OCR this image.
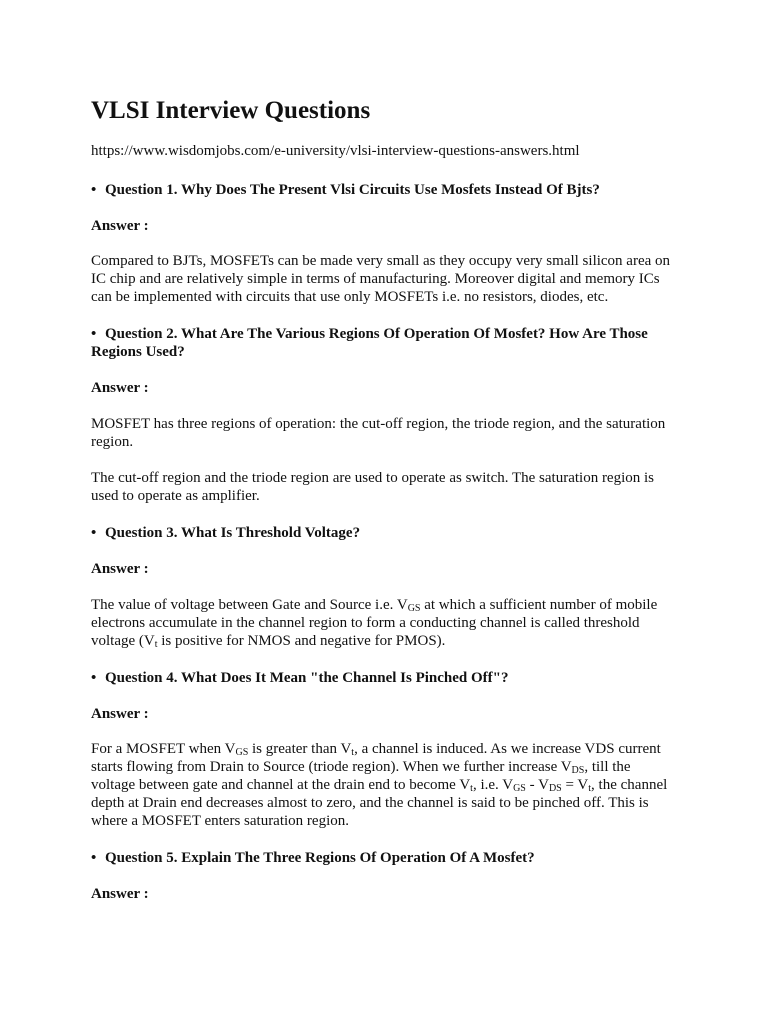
VLSI Interview Questions
https://www.wisdomjobs.com/e-university/vlsi-interview-questions-answers.html
• Question 1. Why Does The Present Vlsi Circuits Use Mosfets Instead Of Bjts?
Answer :
Compared to BJTs, MOSFETs can be made very small as they occupy very small silicon area on
IC chip and are relatively simple in terms of manufacturing. Moreover digital and memory ICs
can be implemented with circuits that use only MOSFETs i.e. no resistors, diodes, etc.
• Question 2. What Are The Various Regions Of Operation Of Mosfet? How Are Those
Regions Used?
Answer :
MOSFET has three regions of operation: the cut-off region, the triode region, and the saturation
region.
The cut-off region and the triode region are used to operate as switch. The saturation region is
used to operate as amplifier.
• Question 3. What Is Threshold Voltage?
Answer :
The value of voltage between Gate and Source i.e. $V_{GS}$ at which a sufficient number of mobile
electrons accumulate in the channel region to form a conducting channel is called threshold
voltage ($V_t$ is positive for NMOS and negative for PMOS).
• Question 4. What Does It Mean "the Channel Is Pinched Off"?
Answer :
For a MOSFET when $V_{GS}$ is greater than $V_t$, a channel is induced. As we increase VDS current
starts flowing from Drain to Source (triode region). When we further increase $V_{DS}$, till the
voltage between gate and channel at the drain end to become $V_t$, i.e. $V_{GS} - V_{DS} = V_t$, the channel
depth at Drain end decreases almost to zero, and the channel is said to be pinched off. This is
where a MOSFET enters saturation region.
• Question 5. Explain The Three Regions Of Operation Of A Mosfet?
Answer :
